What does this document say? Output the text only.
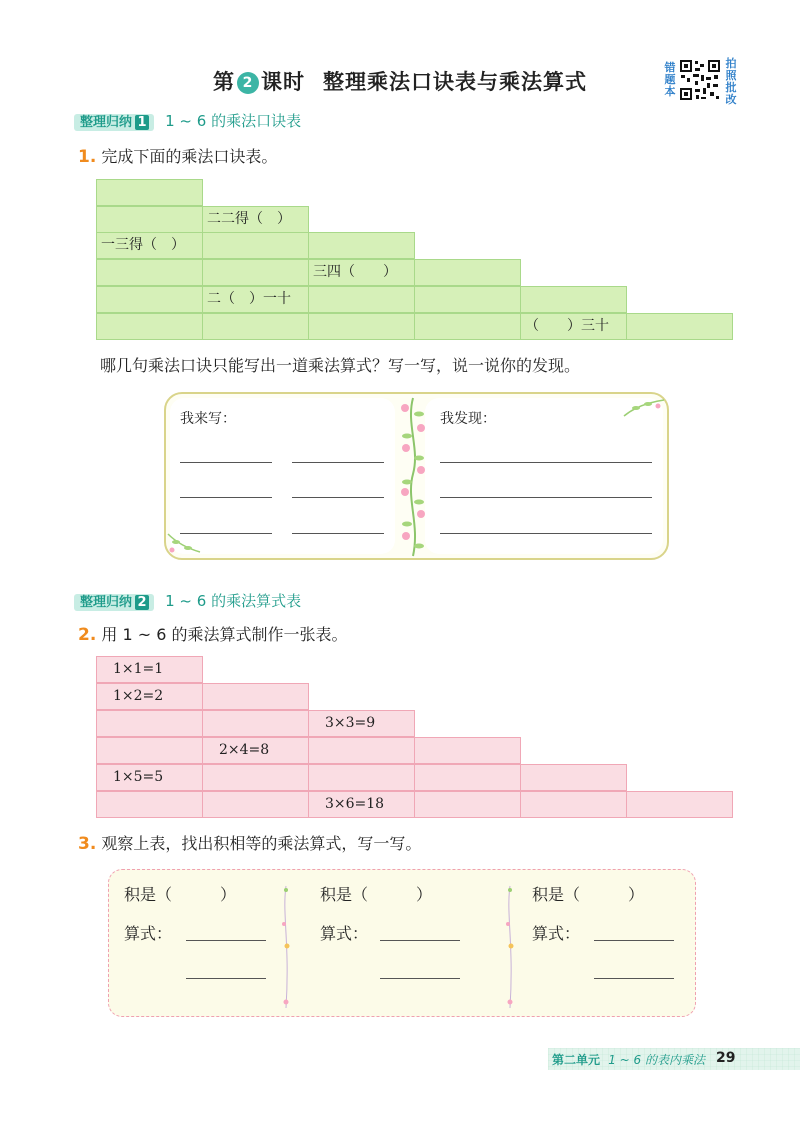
第 2 课时 整理乘法口诀表与乘法算式
错
题
本
拍
照
批
改
整理归纳 1 1 ~ 6 的乘法口诀表
1. 完成下面的乘法口诀表。
二二得（　）
一三得（　）
三四（　　）
二（　）一十
（　　）三十
哪几句乘法口诀只能写出一道乘法算式？写一写，说一说你的发现。
我来写：	我发现：
整理归纳 2 1 ~ 6 的乘法算式表
2. 用 1 ~ 6 的乘法算式制作一张表。
1×1=1
1×2=2
3×3=9
2×4=8
1×5=5
3×6=18
3. 观察上表，找出积相等的乘法算式，写一写。
积是（　　　）
算式：
积是（　　　）
算式：
积是（　　　）
算式：
第二单元 1 ~ 6 的表内乘法 29
